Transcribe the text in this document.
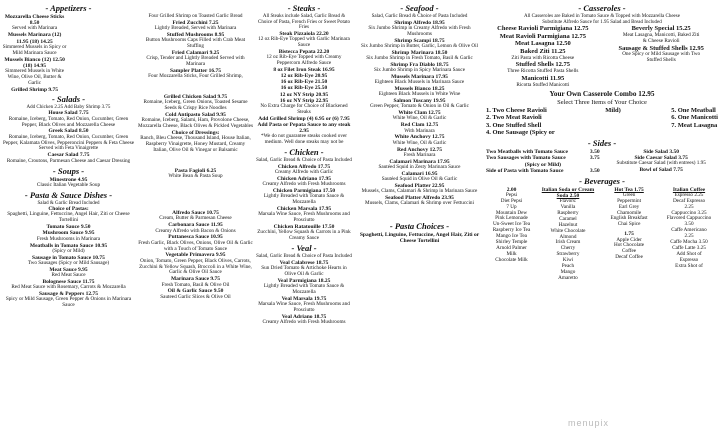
- Appetizers -
Mozzarella Cheese Sticks 8.50
Served with Marinara
Mussels Marinara (12) 11.95 (18) 14.25
Simmered Mussels in Spicy or Mild Marinara Sauce
Mussels Bianco (12) 12.50 (18) 14.95
Simmered Mussels in White Wine, Olive Oil, Butter & Garlic
Grilled Shrimp 9.75
- Salads -
Add Chicken 2.25 Add Baby Shrimp 3.75
House Salad 7.75
Romaine, Iceberg, Tomato, Red Onion, Cucumber, Green Pepper, Black Olives and Mozzarella Cheese
Greek Salad 8.50
Romaine, Iceberg, Tomato, Red Onion, Cucumber, Green Pepper, Kalamata Olives, Pepperoncini Peppers & Feta Cheese Served with Feta Vinaigrette
Caesar Salad 7.75
Romaine, Croutons, Parmesan Cheese and Caesar Dressing
- Soups -
Minestrone 4.95
Classic Italian Vegetable Soup
- Pasta & Sauce Dishes -
Salad & Garlic Bread Included
Choice of Pastas:
Spaghetti, Linguine, Fettuccine, Angel Hair, Ziti or Cheese Tortellini
Tomato Sauce 9.50
Mushroom Sauce 9.95
Fresh Mushrooms in Marinara
Meatballs in Tomato Sauce 10.95
(Spicy or Mild)
Sausage in Tomato Sauce 10.75
Two Sausages (Spicy or Mild Sausage)
Meat Sauce 9.95
Red Meat Sauce
Bolognese Sauce 11.75
Red Meat Sauce with Rosemary, Carrots & Mozzarella
Sausage & Peppers 12.75
Spicy or Mild Sausage, Green Pepper & Onions in Marinara Sauce
Four Grilled Shrimp on Toasted Garlic Bread
Fried Zucchini 7.25
Lightly Breaded, Served with Marinara
Stuffed Mushrooms 8.95
Button Mushrooms Caps Filled with Crab Meat Stuffing
Fried Calamari 9.25
Crisp, Tender and Lightly Breaded Served with Marinara
Sampler Platter 16.75
Four Mozzarella Sticks, Four Grilled Shrimp,
Grilled Chicken Salad 9.75
Romaine, Iceberg, Green Onions, Toasted Sesame Seeds & Crispy Rice Noodles
Cold Antipasto Salad 9.95
Romaine, Iceberg, Salami, Ham, Provolone Cheese, Mozzarella Cheese, Black Olives & Pickled Vegetables
Choice of Dressings:
Ranch, Bleu Cheese, Thousand Island, House Italian, Raspberry Vinaigrette, Honey Mustard, Creamy Italian, Olive Oil & Vinegar or Balsamic
Pasta Fagioli 6.25
White Bean & Pasta Soup
Alfredo Sauce 10.75
Cream, Butter & Parmesan Cheese
Carbonara Sauce 11.95
Creamy Alfredo with Bacon & Onions
Puttanesca Sauce 10.95
Fresh Garlic, Black Olives, Onions, Olive Oil & Garlic with a Touch of Tomato Sauce
Vegetable Primavera 9.95
Onion, Tomato, Green Pepper, Black Olives, Carrots, Zucchini & Yellow Squash, Broccoli in a White Wine, Garlic & Olive Oil Sauce
Marinara Sauce 9.75
Fresh Tomato, Basil & Olive Oil
Oil & Garlic Sauce 9.50
Sauteed Garlic Slices & Olive Oil
- Steaks -
All Steaks include Salad, Garlic Bread & Choice of Pasta, French Fries or Sweet Potato Fries
Steak Pizzaiola 22.20
12 oz Rib-Eye Topped with Garlic Marinara Sauce
Bistecca Pepata 22.20
12 oz Rib-Eye Topped with Creamy Peppercorn Alfredo Sauce
8 oz Filet Iron Steak 16.95
12 oz Rib-Eye 20.95
16 oz Rib-Eye 21.50
16 oz Rib-Eye 25.50
12 oz NY Strip 20.95
16 oz NY Strip 22.95
No Extra Charge for Choice of Blackened Steaks
Add Grilled Shrimp (4) 6.95 or (6) 7.95
Add Pasta or Pepata Sauce to any steak 2.95
*We do not guarantee steaks cooked over medium. Well done steaks may not be
- Chicken -
Salad, Garlic Bread & Choice of Pasta Included
Chicken Alfredo 17.75
Creamy Alfredo with Garlic
Chicken Adriano 17.95
Creamy Alfredo with Fresh Mushrooms
Chicken Parmigiana 17.50
Lightly Breaded with Tomato Sauce & Mozzarella
Chicken Marsala 17.95
Marsala Wine Sauce, Fresh Mushrooms and Prosciutto
Chicken Ratatouille 17.50
Zucchini, Yellow Squash & Carrots in a Pink Creamy Sauce
- Veal -
Salad, Garlic Bread & Choice of Pasta Included
Veal Calabrese 18.75
Sun Dried Tomato & Artichoke Hearts in Olive Oil & Garlic
Veal Parmigiana 18.25
Lightly Breaded with Tomato Sauce & Mozzarella
Veal Marsala 19.75
Marsala Wine Sauce, Fresh Mushrooms and Prosciutto
Veal Adriano 18.75
Creamy Alfredo with Fresh Mushrooms
- Seafood -
Salad, Garlic Bread & Choice of Pasta Included
Shrimp Alfredo 18.95
Six Jumbo Shrimp in Creamy Alfredo with Fresh Mushrooms
Shrimp Scampi 18.75
Six Jumbo Shrimp in Butter, Garlic, Lemon & Olive Oil
Shrimp Marinara 18.50
Six Jumbo Shrimp in Fresh Tomato, Basil & Garlic
Shrimp Fra Diablo 18.75
Six Jumbo Shrimp in Spicy Marinara Sauce
Mussels Marinara 17.95
Eighteen Black Mussels in Marinara Sauce
Mussels Bianco 18.25
Eighteen Black Mussels in White Wine
Salmon Tuscany 19.95
Green Pepper, Tomato & Onion in Oil & Garlic
White Clam 12.75
White Wine, Oil & Garlic
Red Clam 12.75
With Marinara
White Anchovy 12.75
White Wine, Oil & Garlic
Red Anchovy 12.75
Fresh Marinara
Calamari Marinara 17.95
Sautéed Squid in Zesty Marinara Sauce
Calamari 16.95
Sautéed Squid in Olive Oil & Garlic
Seafood Platter 22.95
Mussels, Clams, Calamari & Shrimp in Marinara Sauce
Seafood Platter Alfredo 23.95
Mussels, Clams, Calamari & Shrimp over Fettuccini
- Pasta Choices -
Spaghetti, Linguine, Fettuccine, Angel Hair, Ziti or Cheese Tortellini
- Casseroles -
All Casseroles are Baked in Tomato Sauce & Topped with Mozzarella Cheese
Substitute Alfredo Sauce for 1.95 Salad and Bread Included
Cheese Ravioli Parmigiana 12.75
Meat Ravioli Parmigiana 12.75
Meat Lasagna 12.50
Baked Ziti 11.25
Ziti Pasta with Ricotta Cheese
Stuffed Shells 12.75
Three Ricotta Stuffed Pasta Shells
Manicotti 11.95
Ricotta Stuffed Manicotti
Beverly Special 15.25
Meat Lasagna, Manicotti, Baked Ziti
& Cheese Ravioli
Sausage & Stuffed Shells 12.95
One Spicy or Mild Sausage with Two
Stuffed Shells
Your Own Casserole Combo 12.95
Select Three Items of Your Choice
1. Two Cheese Ravioli
2. Two Meat Ravioli
3. One Stuffed Shell
4. One Sausage (Spicy or
Mild)	5. One Meatball
6. One Manicotti
7. Meat Lasagna
- Sides -
Two Meatballs with Tomato Sauce	3.50
Two Sausages with Tomato Sauce	3.75
(Spicy or Mild)
Side of Pasta with Tomato Sauce	3.50
Side Salad 3.50
Side Caesar Salad 3.75
Substitute Caesar Salad (with entrees) 1.95
Bowl of Salad 7.75
- Beverages -
2.00
Pepsi
Diet Pepsi
7 Up
Mountain Dew
Pink Lemonade
Un-Sweet Ice Tea
Raspberry Ice Tea
Mango Ice Tea
Shirley Temple
Arnold Palmer
Milk
Chocolate Milk
Italian Soda or Cream Soda 2.50
Flavors:
Vanilla
Raspberry
Caramel
Hazelnut
White Chocolate
Almond
Irish Cream
Cherry
Strawberry
Kiwi
Peach
Mango
Amaretto
Hot Tea 1.75
Green
Peppermint
Earl Grey
Chamomile
English Breakfast
Chai Spice
1.75
Apple Cider
Hot Chocolate
Coffee
Decaf Coffee
Italian Coffee
Espresso 2.25
Decaf Espresso
2.25
Cappuccino 3.25
Flavored Cappuccino
3.50
Caffe Americano
2.25
Caffe Mocha 3.50
Caffe Latte 3.25
Add Shot of
Espresso
Extra Shot of
menupix
